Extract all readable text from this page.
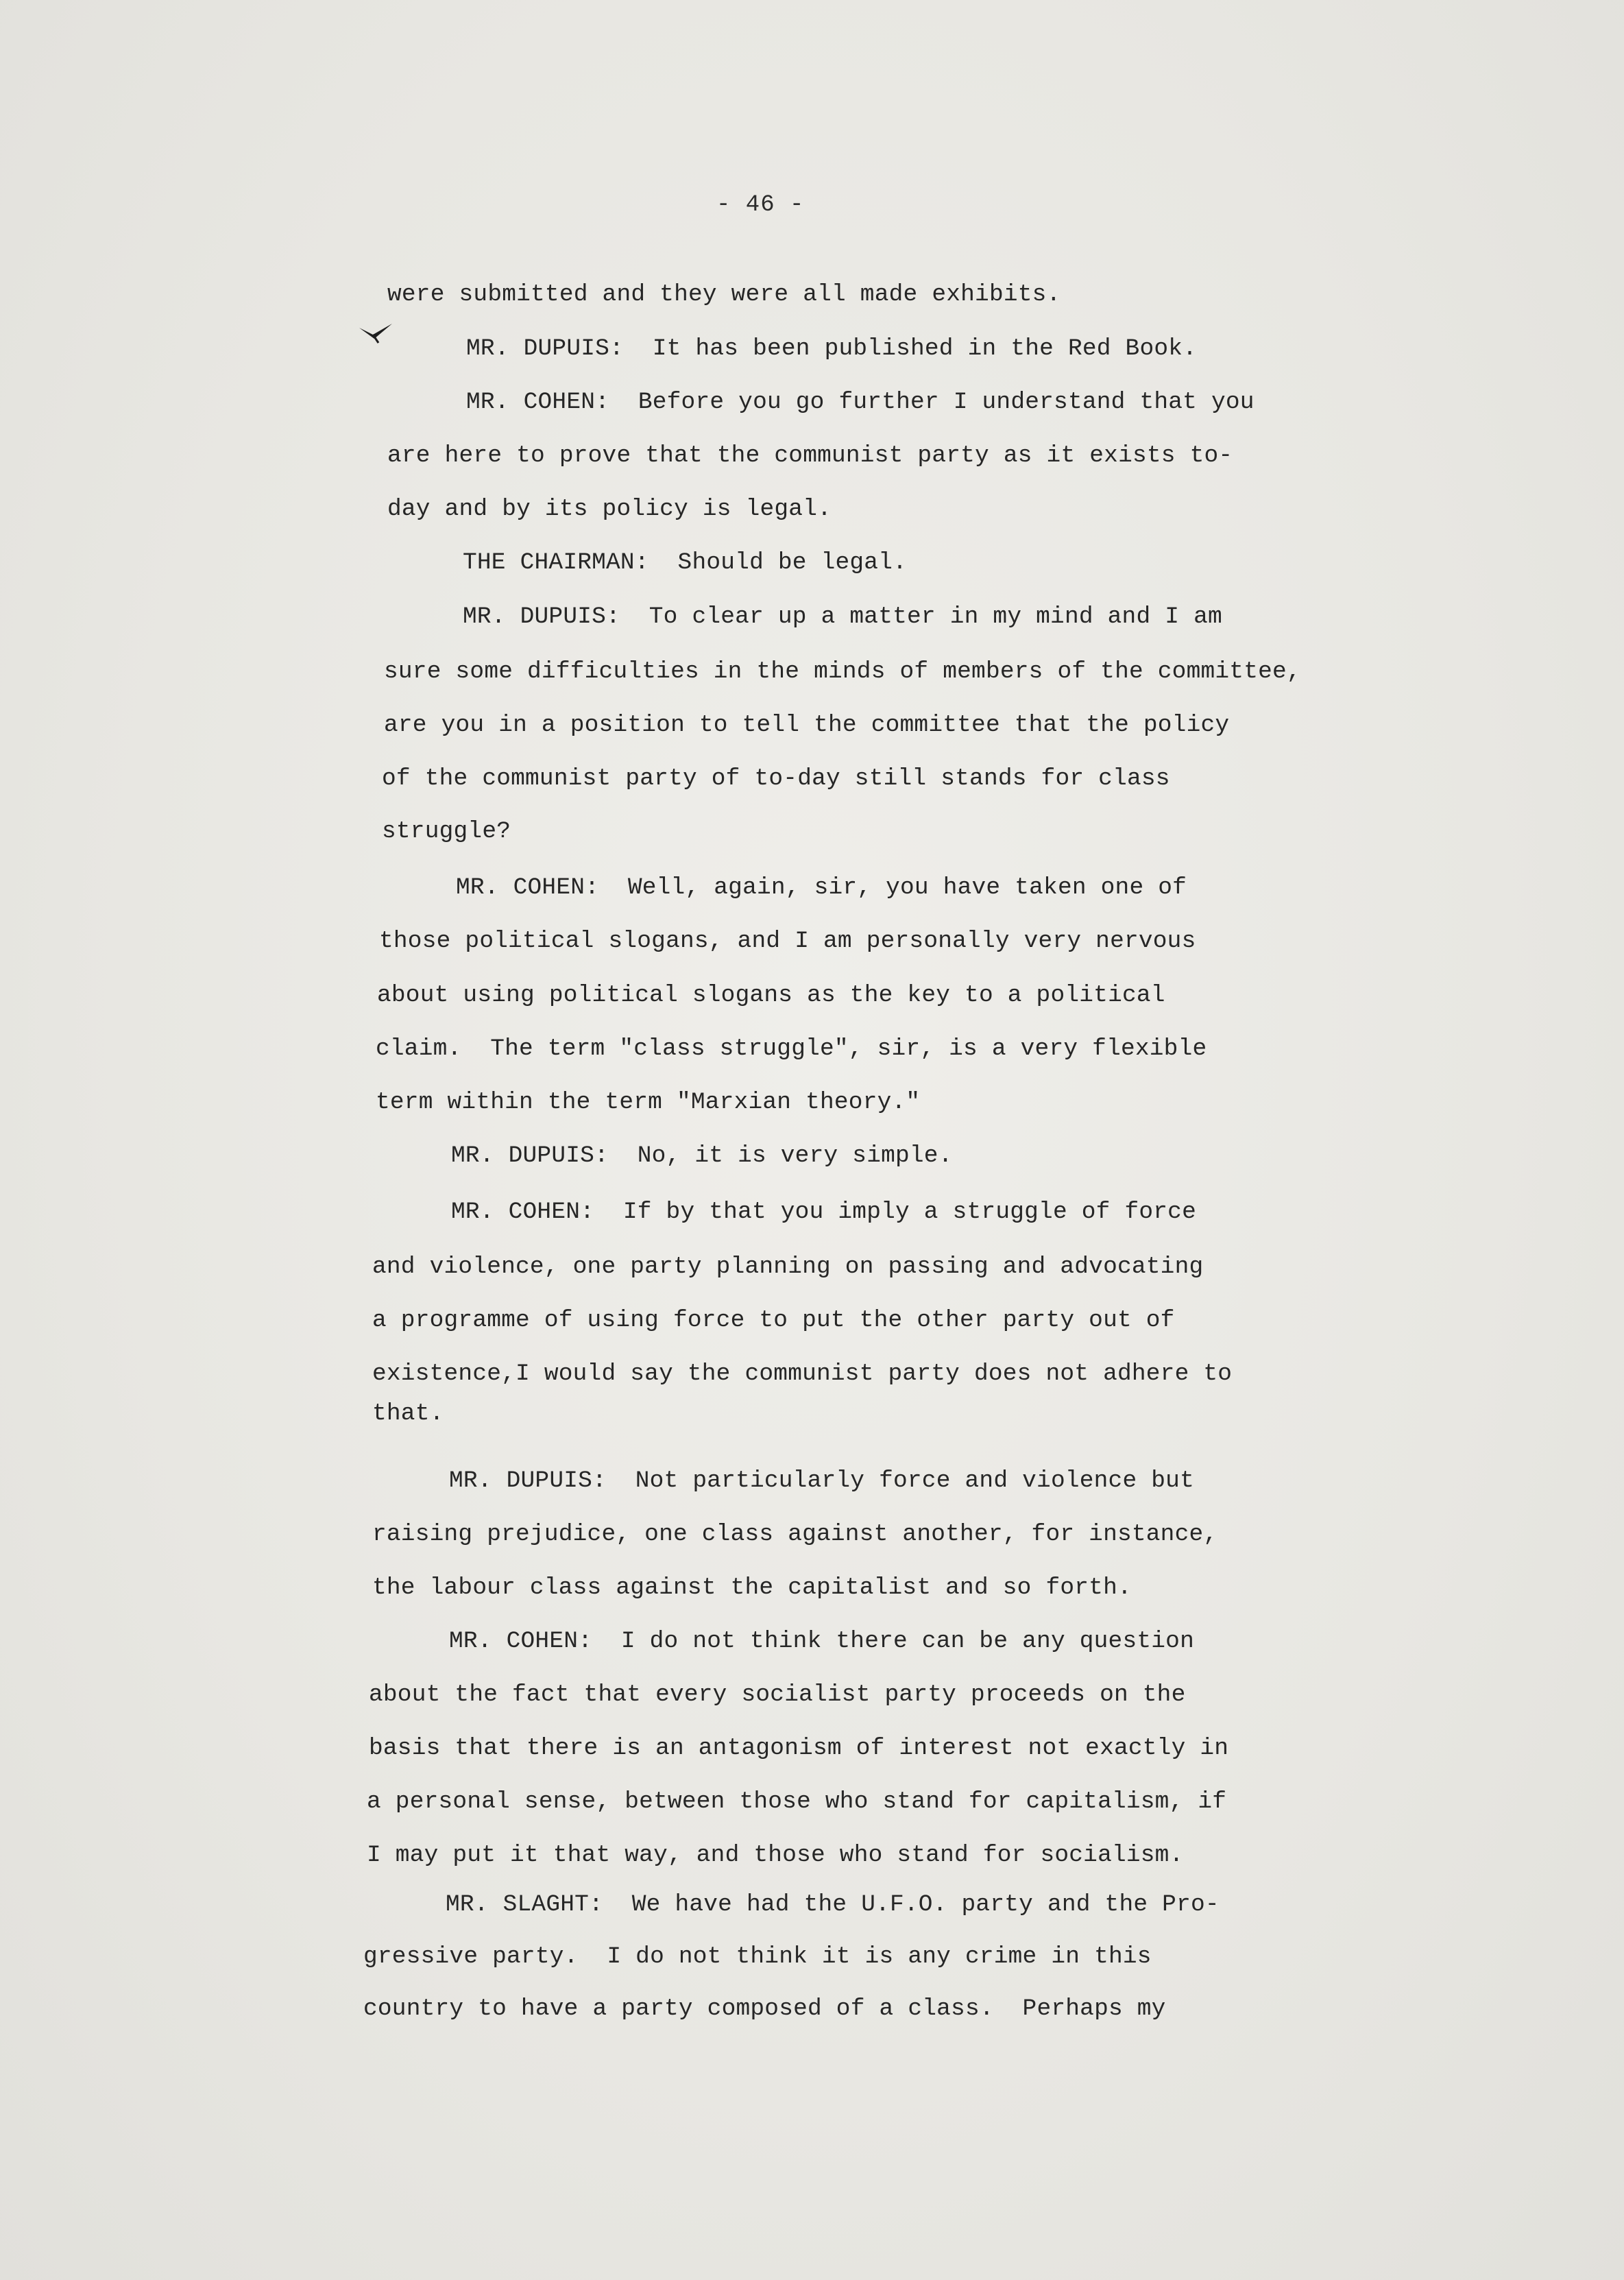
- 46 -
were submitted and they were all made exhibits.
MR. DUPUIS:  It has been published in the Red Book.
MR. COHEN:  Before you go further I understand that you
are here to prove that the communist party as it exists to-
day and by its policy is legal.
THE CHAIRMAN:  Should be legal.
MR. DUPUIS:  To clear up a matter in my mind and I am
sure some difficulties in the minds of members of the committee,
are you in a position to tell the committee that the policy
of the communist party of to-day still stands for class
struggle?
MR. COHEN:  Well, again, sir, you have taken one of
those political slogans, and I am personally very nervous
about using political slogans as the key to a political
claim.  The term "class struggle", sir, is a very flexible
term within the term "Marxian theory."
MR. DUPUIS:  No, it is very simple.
MR. COHEN:  If by that you imply a struggle of force
and violence, one party planning on passing and advocating
a programme of using force to put the other party out of
existence,I would say the communist party does not adhere to
that.
MR. DUPUIS:  Not particularly force and violence but
raising prejudice, one class against another, for instance,
the labour class against the capitalist and so forth.
MR. COHEN:  I do not think there can be any question
about the fact that every socialist party proceeds on the
basis that there is an antagonism of interest not exactly in
a personal sense, between those who stand for capitalism, if
I may put it that way, and those who stand for socialism.
MR. SLAGHT:  We have had the U.F.O. party and the Pro-
gressive party.  I do not think it is any crime in this
country to have a party composed of a class.  Perhaps my
